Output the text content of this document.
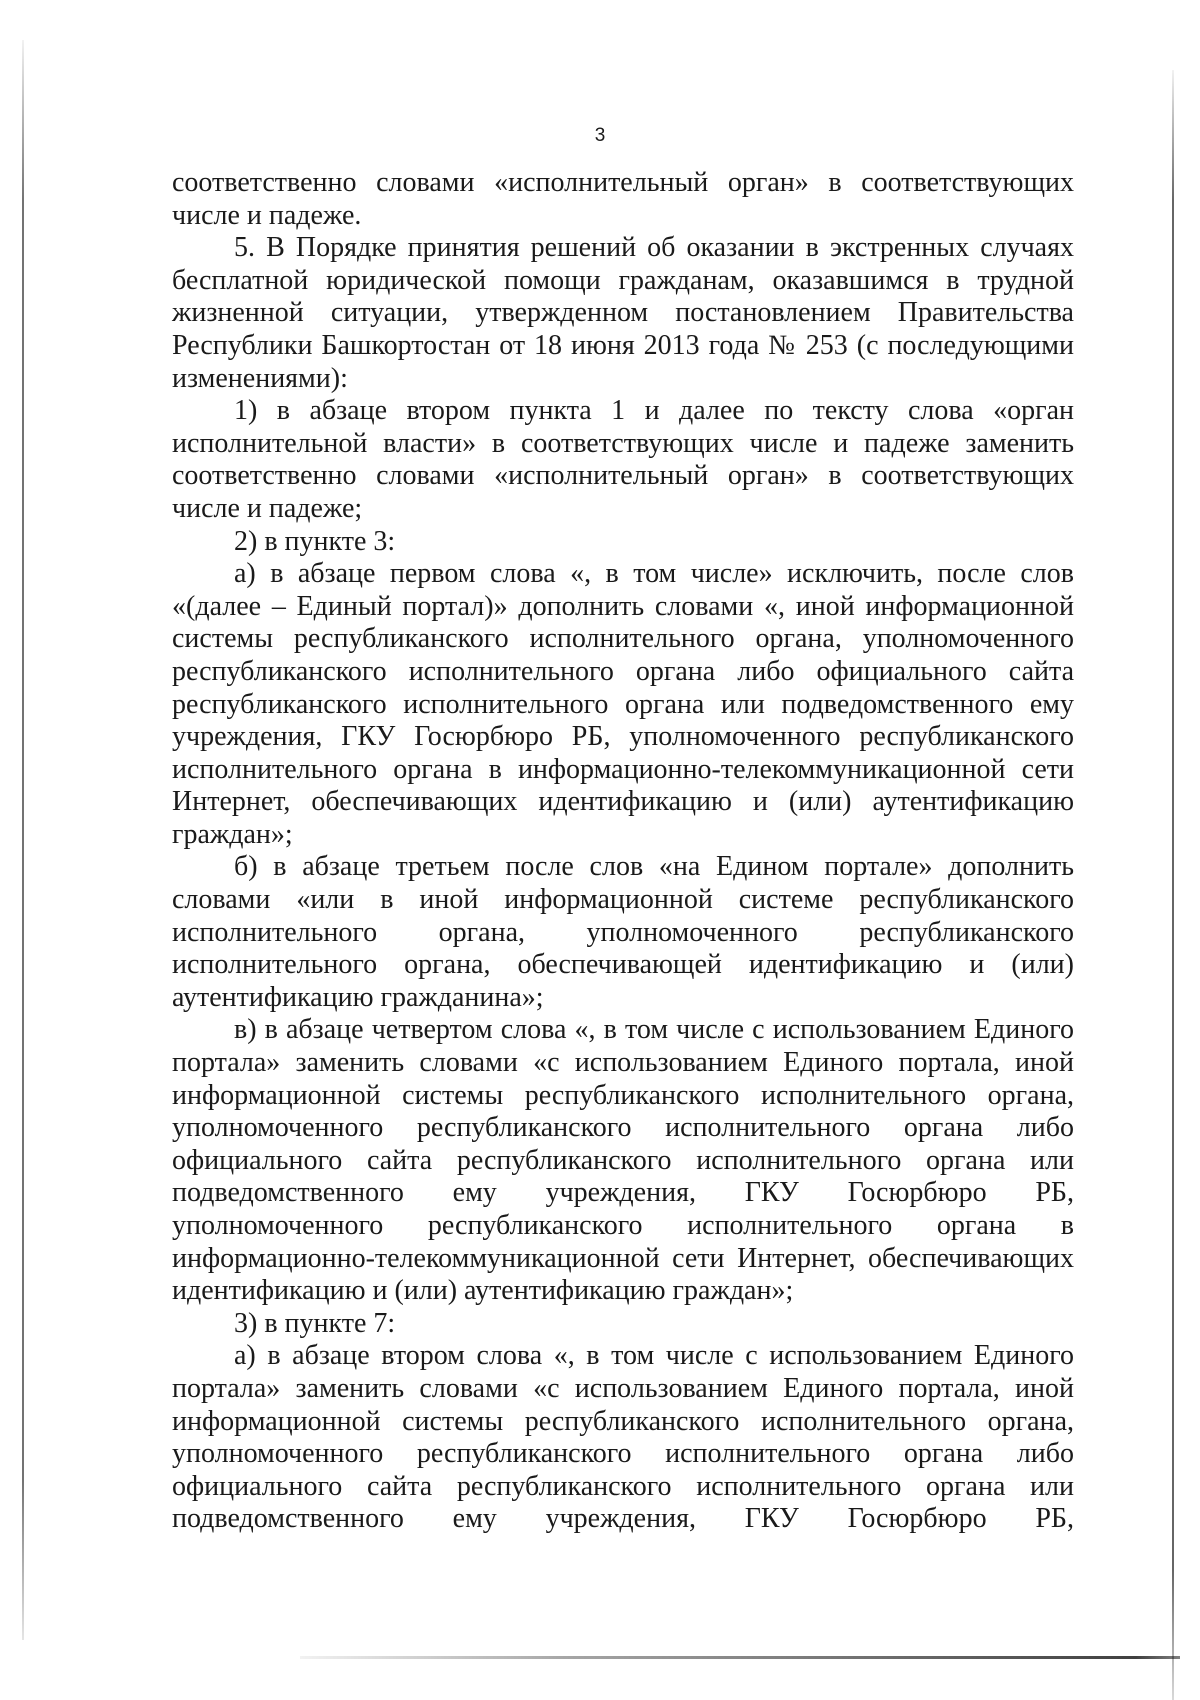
3

соответственно словами «исполнительный орган» в соответствующих числе и падеже.

5. В Порядке принятия решений об оказании в экстренных случаях бесплатной юридической помощи гражданам, оказавшимся в трудной жизненной ситуации, утвержденном постановлением Правительства Республики Башкортостан от 18 июня 2013 года № 253 (с последующими изменениями):

1) в абзаце втором пункта 1 и далее по тексту слова «орган исполнительной власти» в соответствующих числе и падеже заменить соответственно словами «исполнительный орган» в соответствующих числе и падеже;

2) в пункте 3:

а) в абзаце первом слова «, в том числе» исключить, после слов «(далее – Единый портал)» дополнить словами «, иной информационной системы республиканского исполнительного органа, уполномоченного республиканского исполнительного органа либо официального сайта республиканского исполнительного органа или подведомственного ему учреждения, ГКУ Госюрбюро РБ, уполномоченного республиканского исполнительного органа в информационно-телекоммуникационной сети Интернет, обеспечивающих идентификацию и (или) аутентификацию граждан»;

б) в абзаце третьем после слов «на Едином портале» дополнить словами «или в иной информационной системе республиканского исполнительного органа, уполномоченного республиканского исполнительного органа, обеспечивающей идентификацию и (или) аутентификацию гражданина»;

в) в абзаце четвертом слова «, в том числе с использованием Единого портала» заменить словами «с использованием Единого портала, иной информационной системы республиканского исполнительного органа, уполномоченного республиканского исполнительного органа либо официального сайта республиканского исполнительного органа или подведомственного ему учреждения, ГКУ Госюрбюро РБ, уполномоченного республиканского исполнительного органа в информационно-телекоммуникационной сети Интернет, обеспечивающих идентификацию и (или) аутентификацию граждан»;

3) в пункте 7:

а) в абзаце втором слова «, в том числе с использованием Единого портала» заменить словами «с использованием Единого портала, иной информационной системы республиканского исполнительного органа, уполномоченного республиканского исполнительного органа либо официального сайта республиканского исполнительного органа или подведомственного ему учреждения, ГКУ Госюрбюро РБ,
